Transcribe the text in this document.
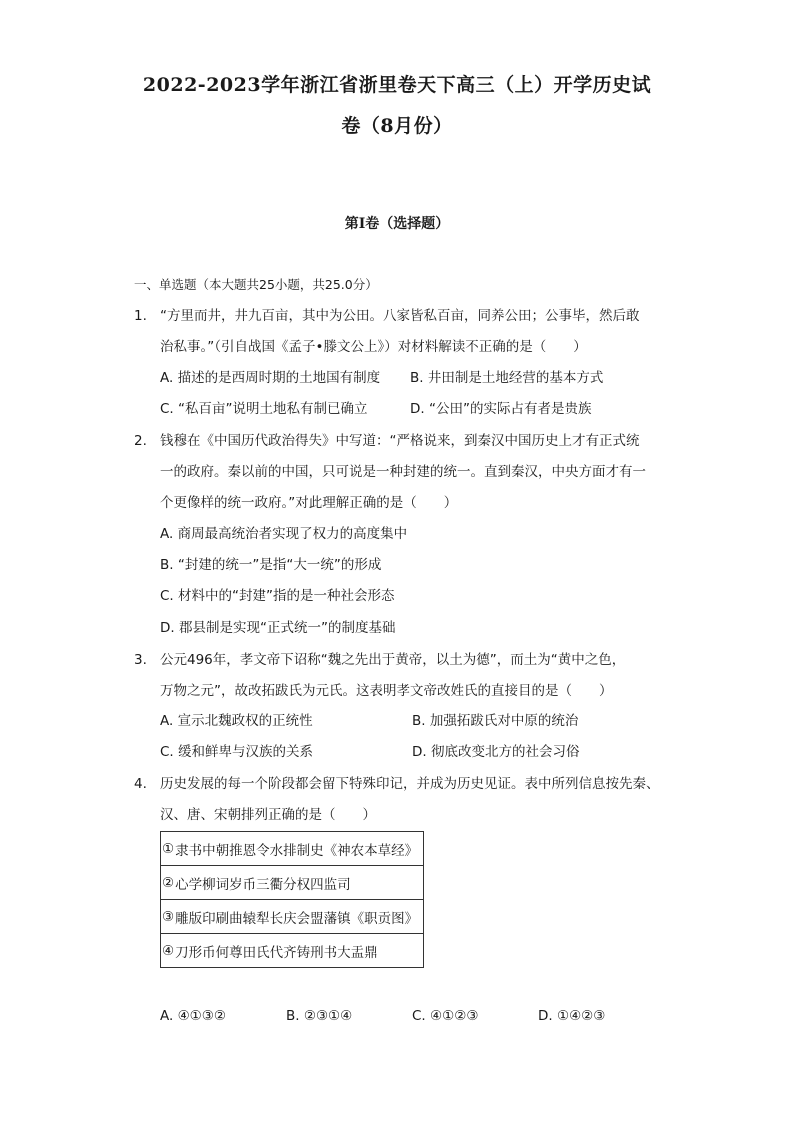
2022-2023学年浙江省浙里卷天下高三（上）开学历史试
卷（8月份）
第I卷（选择题）
一、单选题（本大题共25小题，共25.0分）
1. “方里而井，井九百亩，其中为公田。八家皆私百亩，同养公田；公事毕，然后敢
治私事。”（引自战国《孟子•滕文公上》）对材料解读不正确的是（　　）
A. 描述的是西周时期的土地国有制度 B. 井田制是土地经营的基本方式
C. “私百亩”说明土地私有制已确立	D. “公田”的实际占有者是贵族
2. 钱穆在《中国历代政治得失》中写道：“严格说来，到秦汉中国历史上才有正式统
一的政府。秦以前的中国，只可说是一种封建的统一。直到秦汉，中央方面才有一
个更像样的统一政府。”对此理解正确的是（　　）
A. 商周最高统治者实现了权力的高度集中
B. “封建的统一”是指“大一统”的形成
C. 材料中的“封建”指的是一种社会形态
D. 郡县制是实现“正式统一”的制度基础
3. 公元496年，孝文帝下诏称“魏之先出于黄帝，以土为德”，而土为“黄中之色，
万物之元”，故改拓跋氏为元氏。这表明孝文帝改姓氏的直接目的是（　　）
A. 宣示北魏政权的正统性	B. 加强拓跋氏对中原的统治
C. 缓和鲜卑与汉族的关系	D. 彻底改变北方的社会习俗
4. 历史发展的每一个阶段都会留下特殊印记，并成为历史见证。表中所列信息按先秦、
汉、唐、宋朝排列正确的是（　　）
①	隶书中朝推恩令水排制史《神农本草经》
②	心学柳词岁币三衢分权四监司
③	雕版印刷曲辕犁长庆会盟藩镇《职贡图》
④	刀形币何尊田氏代齐铸刑书大盂鼎
A. ④①③②	B. ②③①④	C. ④①②③	D. ①④②③
